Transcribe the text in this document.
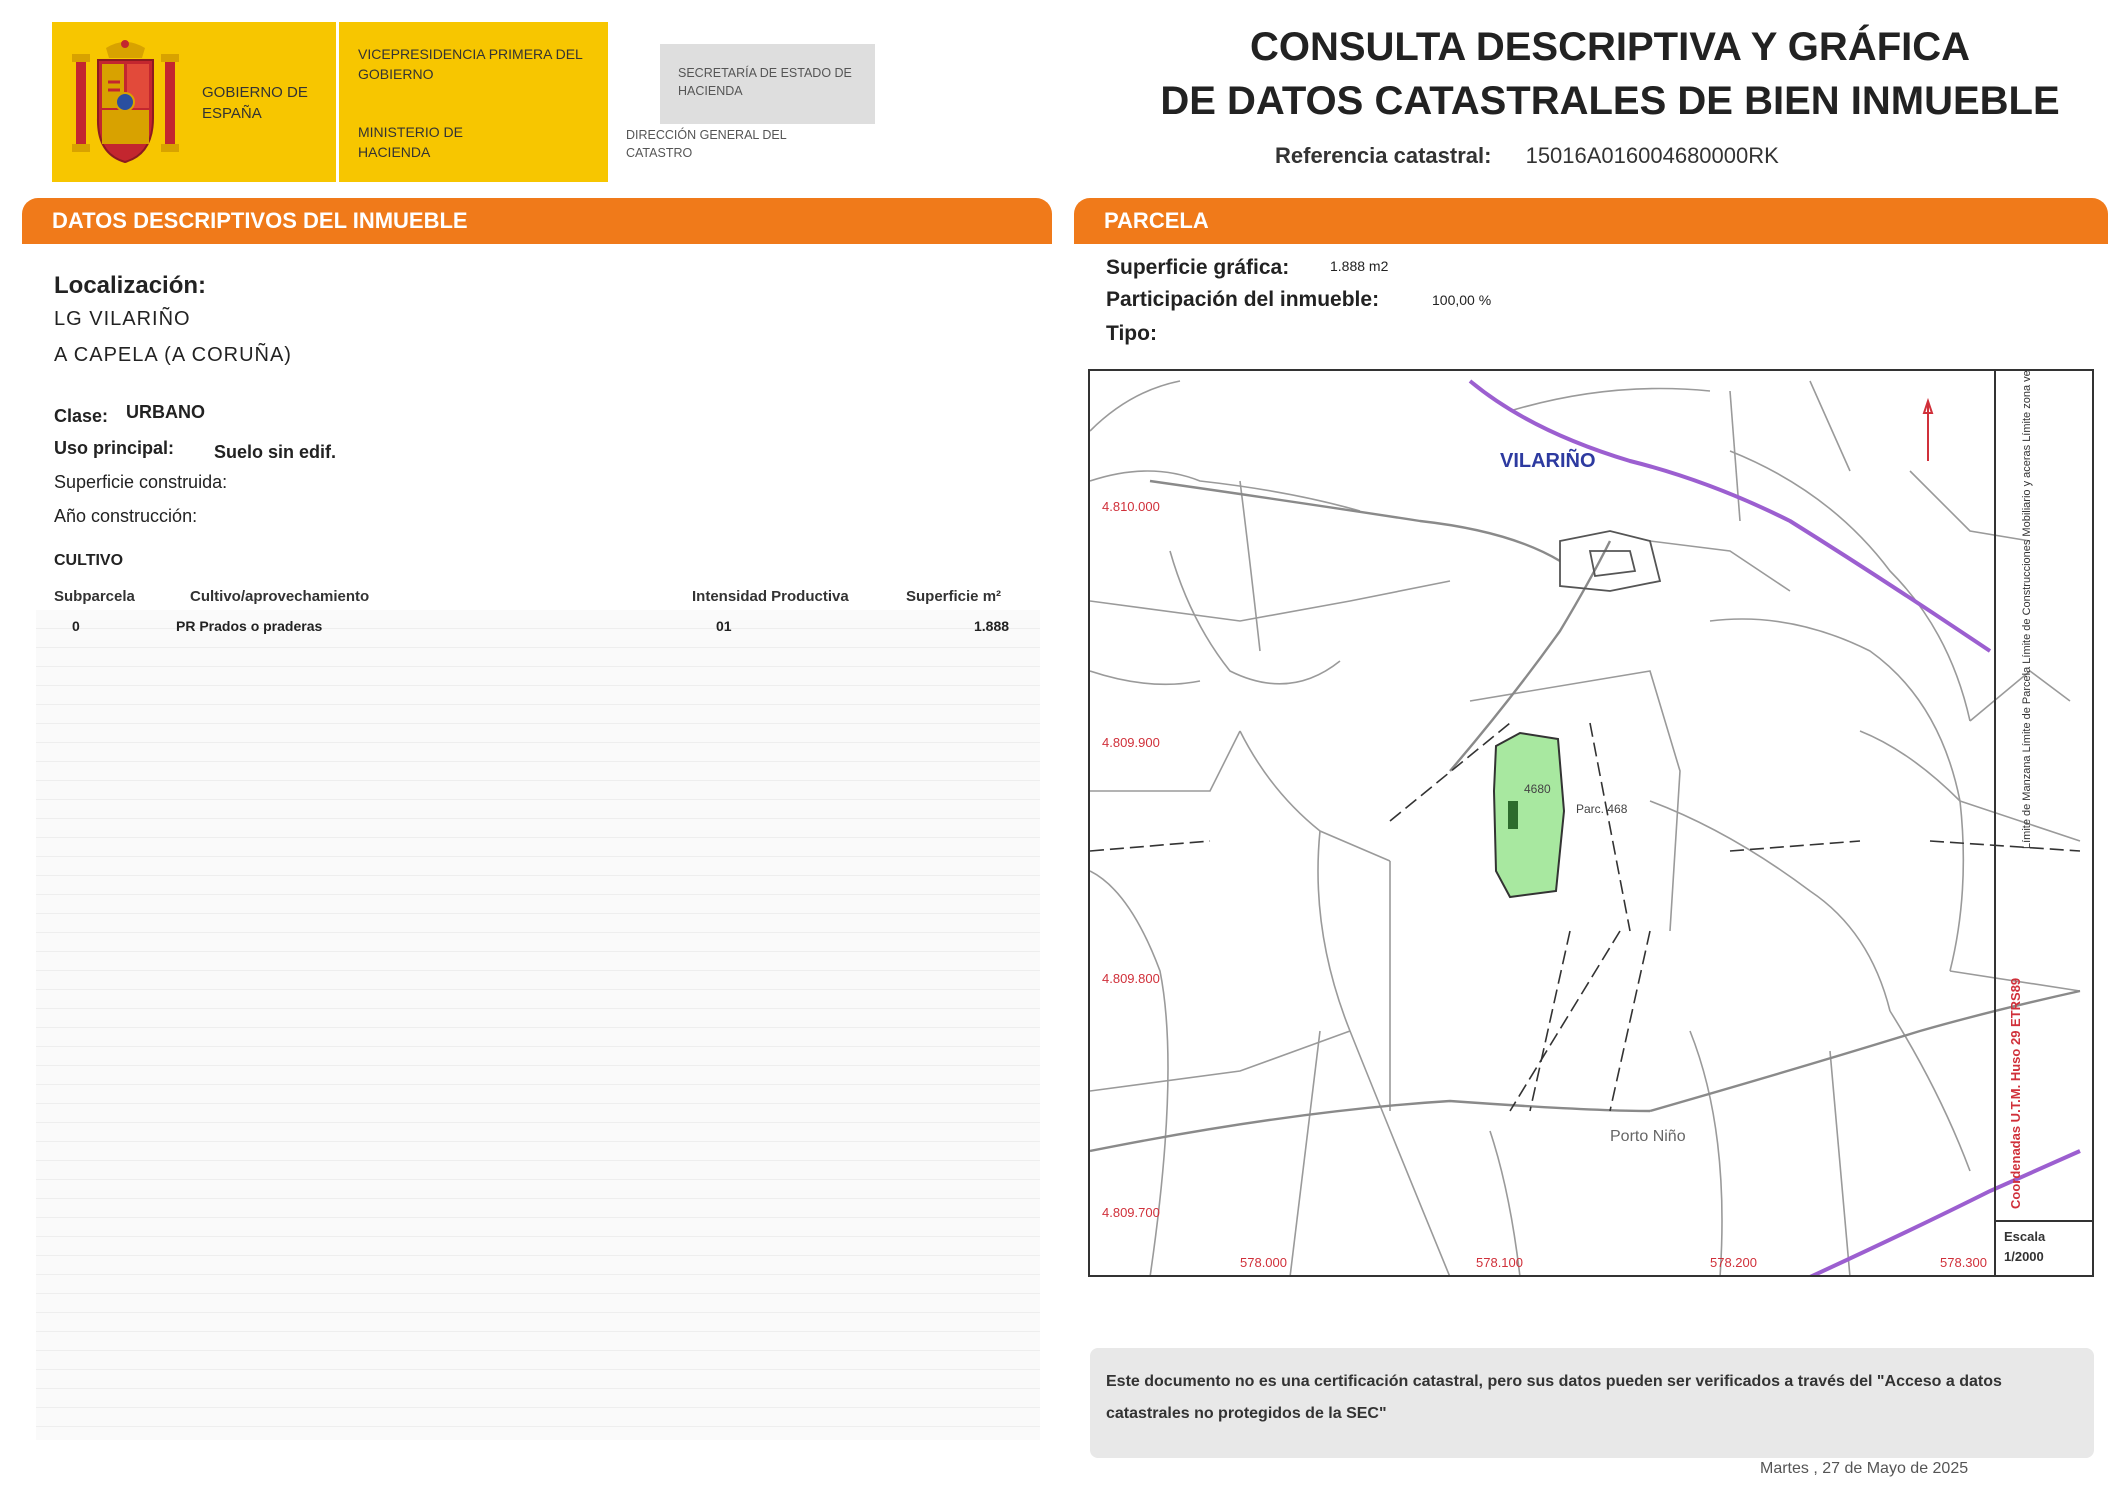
GOBIERNO DE ESPAÑA
VICEPRESIDENCIA PRIMERA DEL GOBIERNO
MINISTERIO DE HACIENDA
SECRETARÍA DE ESTADO DE HACIENDA
DIRECCIÓN GENERAL DEL CATASTRO
CONSULTA DESCRIPTIVA Y GRÁFICA
DE DATOS CATASTRALES DE BIEN INMUEBLE
Referencia catastral: 15016A016004680000RK
DATOS DESCRIPTIVOS DEL INMUEBLE
Localización:
LG VILARIÑO
A CAPELA (A CORUÑA)
Clase: URBANO
Uso principal: Suelo sin edif.
Superficie construida:
Año construcción:
CULTIVO
Subparcela	Cultivo/aprovechamiento	Intensidad Productiva	Superficie m²
0	PR Prados o praderas	01	1.888
PARCELA
Superficie gráfica:	1.888 m2
Participación del inmueble:	100,00 %
Tipo:
4680
Parc. 468
VILARIÑO
Porto Niño
4.810.000
4.809.900
4.809.800
4.809.700
578.000	578.100	578.200	578.300
Límite de Manzana Límite de Parcela Límite de Construcciones Mobiliario y aceras Límite zona verde Hidrografía
Coordenadas U.T.M. Huso 29 ETRS89
Escala
1/2000
Este documento no es una certificación catastral, pero sus datos pueden ser verificados a través del "Acceso a datos catastrales no protegidos de la SEC"
Martes , 27 de Mayo de 2025
